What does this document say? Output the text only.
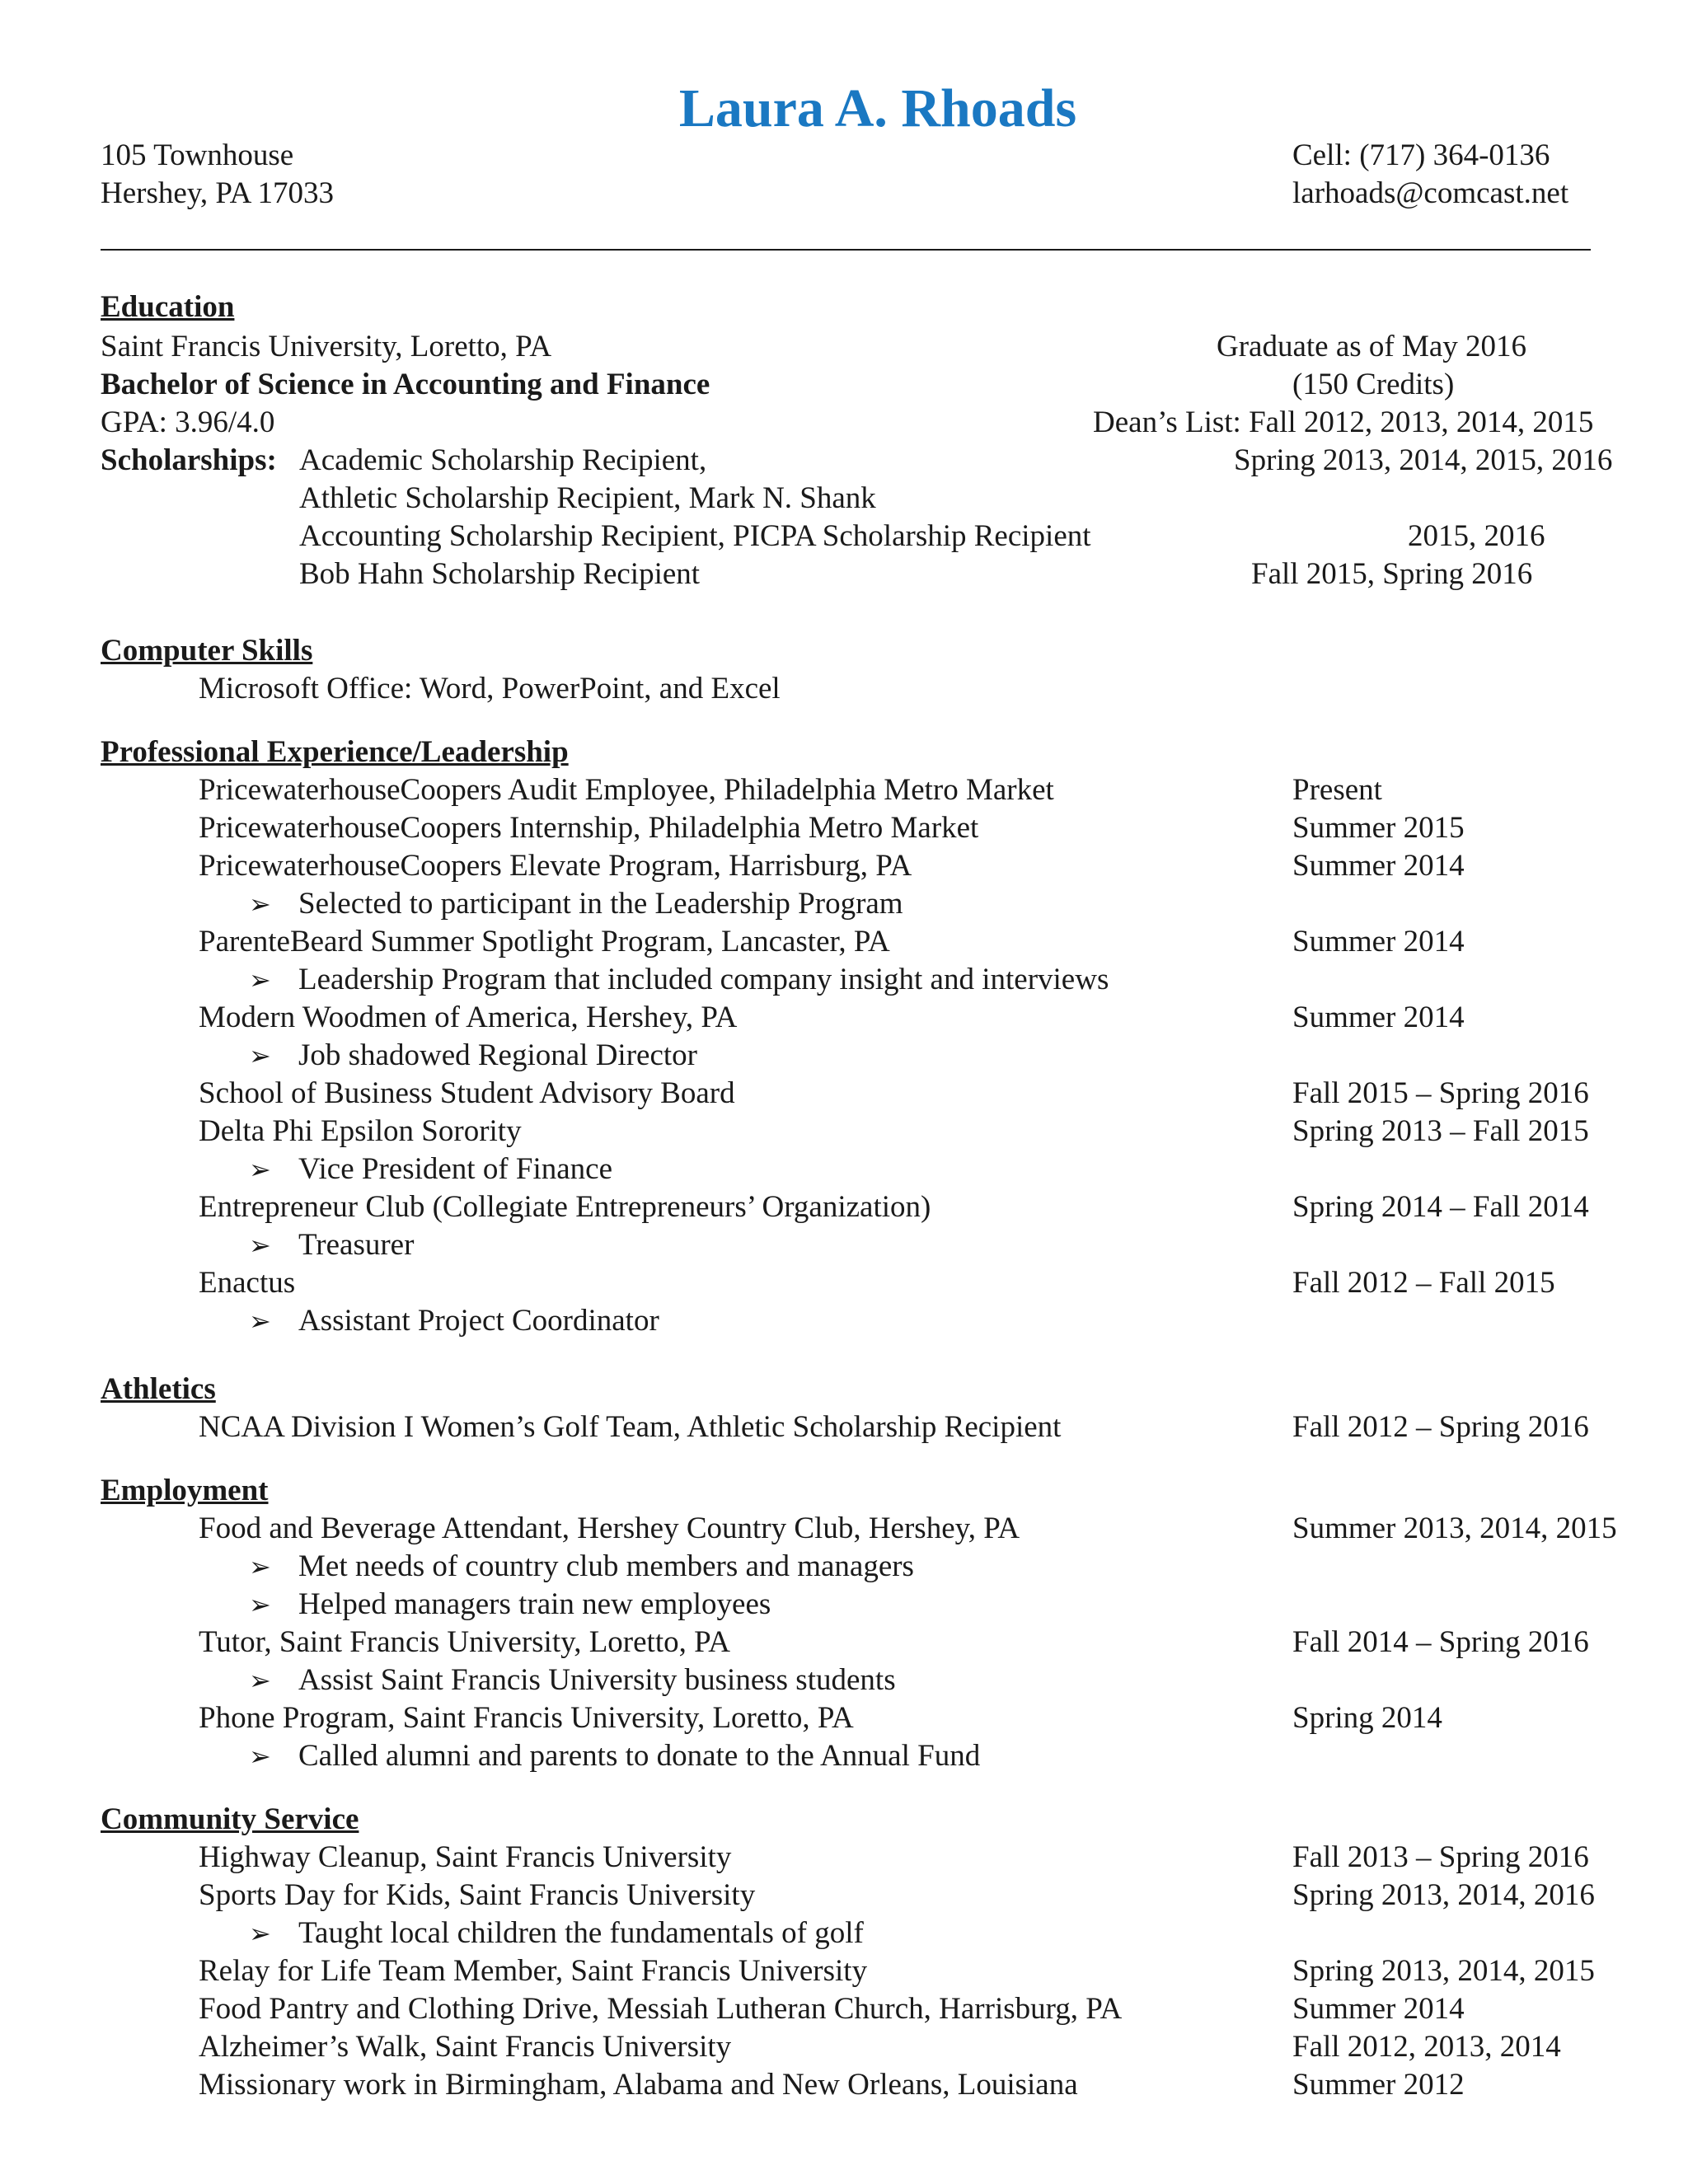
Laura A. Rhoads
105 Townhouse
Hershey, PA 17033
Cell: (717) 364-0136
larhoads@comcast.net
Education
Saint Francis University, Loretto, PA	Graduate as of May 2016
Bachelor of Science in Accounting and Finance	(150 Credits)
GPA: 3.96/4.0	Dean’s List: Fall 2012, 2013, 2014, 2015
Scholarships: Academic Scholarship Recipient,	Spring 2013, 2014, 2015, 2016
Athletic Scholarship Recipient, Mark N. Shank
Accounting Scholarship Recipient, PICPA Scholarship Recipient	2015, 2016
Bob Hahn Scholarship Recipient	Fall 2015, Spring 2016
Computer Skills
Microsoft Office: Word, PowerPoint, and Excel
Professional Experience/Leadership
PricewaterhouseCoopers Audit Employee, Philadelphia Metro Market	Present
PricewaterhouseCoopers Internship, Philadelphia Metro Market	Summer 2015
PricewaterhouseCoopers Elevate Program, Harrisburg, PA	Summer 2014
➢ Selected to participant in the Leadership Program
ParenteBeard Summer Spotlight Program, Lancaster, PA	Summer 2014
➢ Leadership Program that included company insight and interviews
Modern Woodmen of America, Hershey, PA	Summer 2014
➢ Job shadowed Regional Director
School of Business Student Advisory Board	Fall 2015 – Spring 2016
Delta Phi Epsilon Sorority	Spring 2013 – Fall 2015
➢ Vice President of Finance
Entrepreneur Club (Collegiate Entrepreneurs’ Organization)	Spring 2014 – Fall 2014
➢ Treasurer
Enactus	Fall 2012 – Fall 2015
➢ Assistant Project Coordinator
Athletics
NCAA Division I Women’s Golf Team, Athletic Scholarship Recipient	Fall 2012 – Spring 2016
Employment
Food and Beverage Attendant, Hershey Country Club, Hershey, PA	Summer 2013, 2014, 2015
➢ Met needs of country club members and managers
➢ Helped managers train new employees
Tutor, Saint Francis University, Loretto, PA	Fall 2014 – Spring 2016
➢ Assist Saint Francis University business students
Phone Program, Saint Francis University, Loretto, PA	Spring 2014
➢ Called alumni and parents to donate to the Annual Fund
Community Service
Highway Cleanup, Saint Francis University	Fall 2013 – Spring 2016
Sports Day for Kids, Saint Francis University	Spring 2013, 2014, 2016
➢ Taught local children the fundamentals of golf
Relay for Life Team Member, Saint Francis University	Spring 2013, 2014, 2015
Food Pantry and Clothing Drive, Messiah Lutheran Church, Harrisburg, PA	Summer 2014
Alzheimer’s Walk, Saint Francis University	Fall 2012, 2013, 2014
Missionary work in Birmingham, Alabama and New Orleans, Louisiana	Summer 2012
